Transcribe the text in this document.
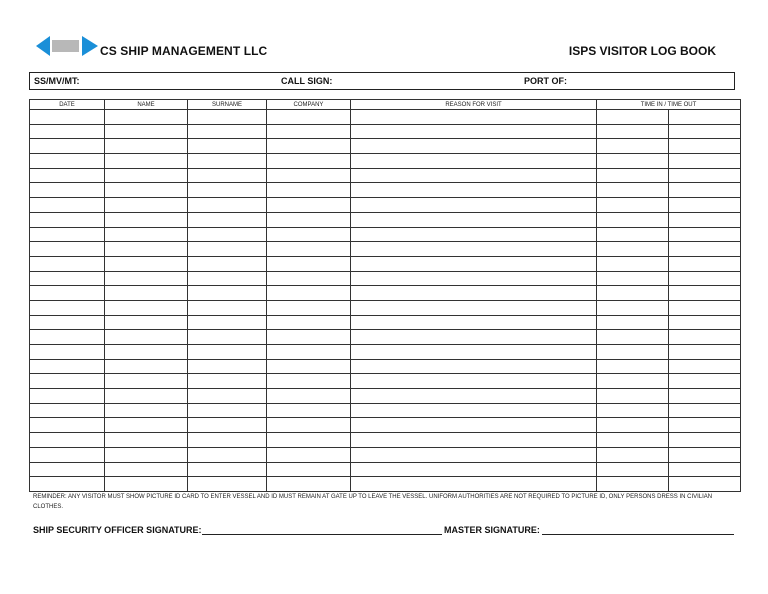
CS SHIP MANAGEMENT LLC	ISPS VISITOR LOG BOOK
SS/MV/MT:	CALL SIGN:	PORT OF:
DATE	NAME	SURNAME	COMPANY	REASON FOR VISIT	TIME IN / TIME OUT	

REMINDER: ANY VISITOR MUST SHOW PICTURE ID CARD TO ENTER VESSEL AND ID MUST REMAIN AT GATE UP TO LEAVE THE VESSEL. UNIFORM AUTHORITIES ARE NOT REQUIRED TO PICTURE ID, ONLY PERSONS DRESS IN CIVILIAN CLOTHES.
SHIP SECURITY OFFICER SIGNATURE:	MASTER SIGNATURE:
